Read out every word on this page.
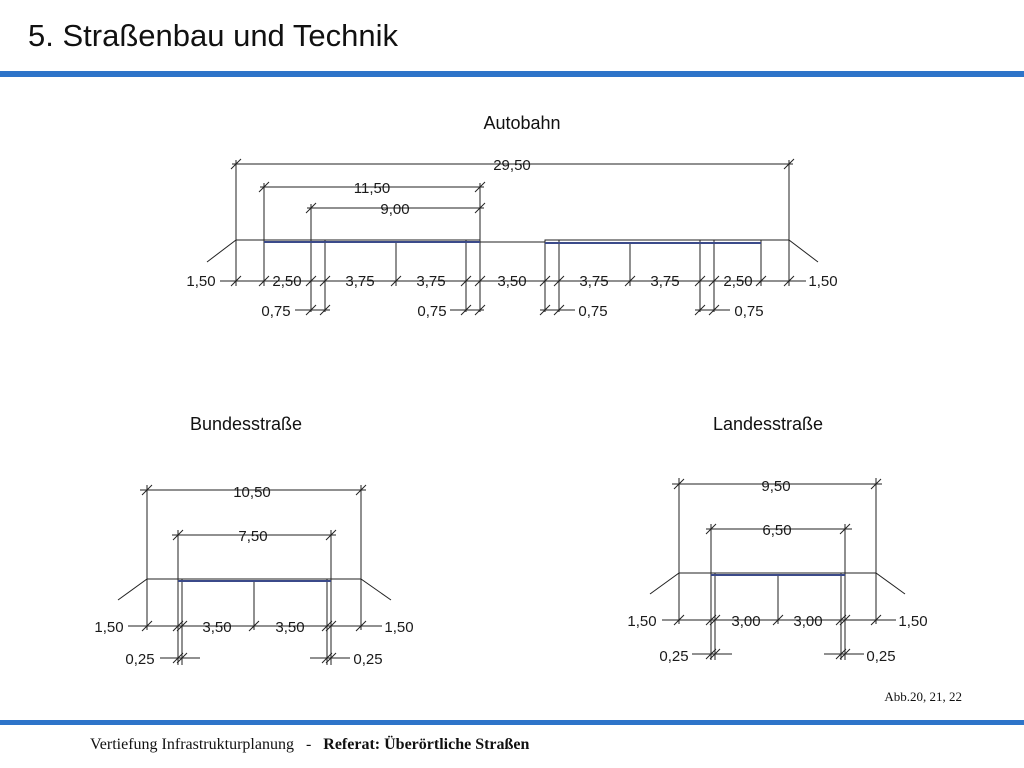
5. Straßenbau und Technik
Autobahn
29,50
11,50
9,00
1,50	2,50	3,75	3,75	3,50	3,75	3,75	2,50	1,50
0,75	0,75	0,75	0,75
Bundesstraße
10,50
7,50
1,50	3,50	3,50	1,50
0,25	0,25
Landesstraße
9,50
6,50
1,50	3,00 3,00	1,50
0,25	0,25
Abb.20, 21, 22
Vertiefung Infrastrukturplanung - Referat: Überörtliche Straßen
